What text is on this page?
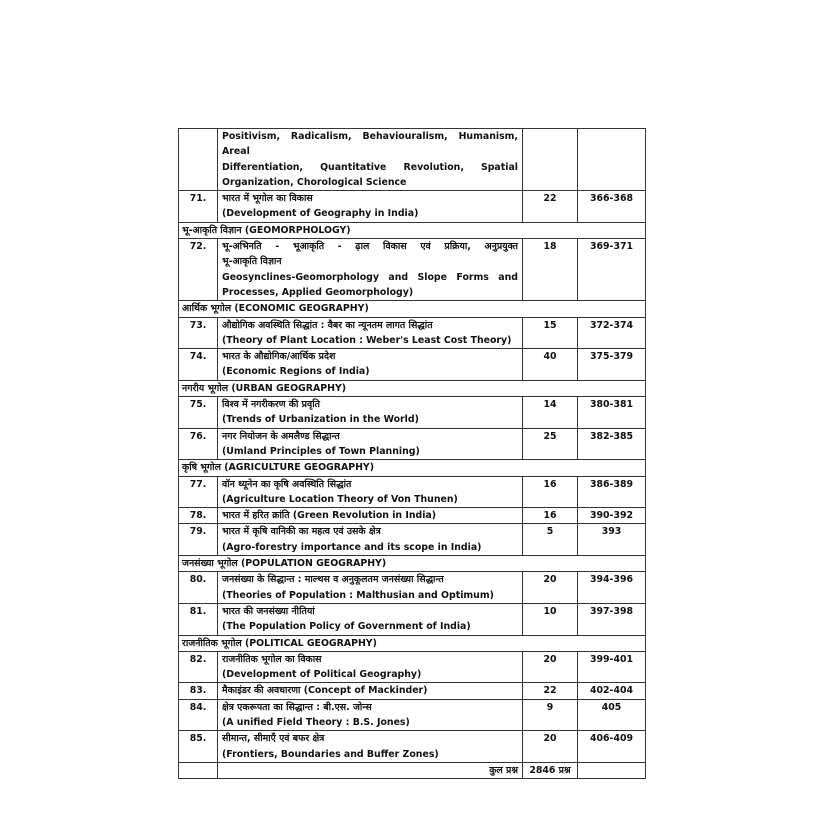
	Positivism, Radicalism, Behaviouralism, Humanism, Areal
Differentiation, Quantitative Revolution, Spatial
Organization, Chorological Science		

71.	भारत में भूगोल का विकास
(Development of Geography in India)	22	366-368
भू-आकृति विज्ञान (GEOMORPHOLOGY)			
72.	भू-अभिनति - भूआकृति - ढ़ाल विकास एवं प्रक्रिया, अनुप्रयुक्त
भू-आकृति विज्ञान
Geosynclines-Geomorphology and Slope Forms and
Processes, Applied Geomorphology)	18	369-371
आर्थिक भूगोल (ECONOMIC GEOGRAPHY)			
73.	औद्योगिक अवस्थिति सिद्धांत : वैबर का न्यूनतम लागत सिद्धांत
(Theory of Plant Location : Weber's Least Cost Theory)	15	372-374
74.	भारत के औद्योगिक/आर्थिक प्रदेश
(Economic Regions of India)	40	375-379
नगरीय भूगोल (URBAN GEOGRAPHY)			
75.	विश्व में नगरीकरण की प्रवृति
(Trends of Urbanization in the World)	14	380-381
76.	नगर नियोजन के अमलैण्ड सिद्धान्त
(Umland Principles of Town Planning)	25	382-385
कृषि भूगोल (AGRICULTURE GEOGRAPHY)			
77.	वॉन थ्यूनेन का कृषि अवस्थिति सिद्धांत
(Agriculture Location Theory of Von Thunen)	16	386-389
78.	भारत में हरित क्रांति (Green Revolution in India)	16	390-392
79.	भारत में कृषि वानिकी का महत्व एवं उसके क्षेत्र
(Agro-forestry importance and its scope in India)	5	393
जनसंख्या भूगोल (POPULATION GEOGRAPHY)			
80.	जनसंख्या के सिद्धान्त : माल्थस व अनुकूलतम जनसंख्या सिद्धान्त
(Theories of Population : Malthusian and Optimum)	20	394-396
81.	भारत की जनसंख्या नीतियां
(The Population Policy of Government of India)	10	397-398
राजनीतिक भूगोल (POLITICAL GEOGRAPHY)			
82.	राजनीतिक भूगोल का विकास
(Development of Political Geography)	20	399-401
83.	मैकाइंडर की अवधारणा (Concept of Mackinder)	22	402-404
84.	क्षेत्र एकरूपता का सिद्धान्त : बी.एस. जोन्स
(A unified Field Theory : B.S. Jones)	9	405
85.	सीमान्त, सीमाएँ एवं बफर क्षेत्र
(Frontiers, Boundaries and Buffer Zones)	20	406-409
	कुल प्रश्न	2846 प्रश्न	
